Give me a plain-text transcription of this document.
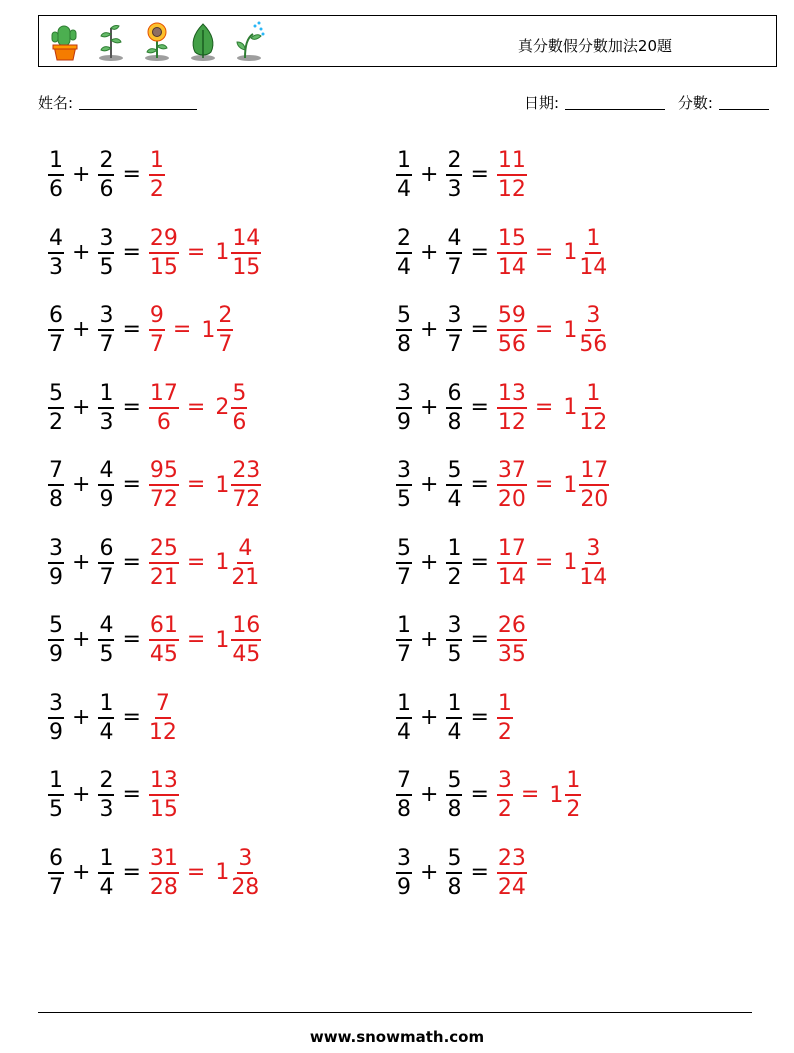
真分數假分數加法20題
姓名:	日期:	分數:
$\frac{1}{6} + \frac{2}{6} = \frac{1}{2}$	$\frac{1}{4} + \frac{2}{3} = \frac{11}{12}$
$\frac{4}{3} + \frac{3}{5} = \frac{29}{15} = 1 \frac{14}{15}$	$\frac{2}{4} + \frac{4}{7} = \frac{15}{14} = 1 \frac{1}{14}$
$\frac{6}{7} + \frac{3}{7} = \frac{9}{7} = 1 \frac{2}{7}$	$\frac{5}{8} + \frac{3}{7} = \frac{59}{56} = 1 \frac{3}{56}$
$\frac{5}{2} + \frac{1}{3} = \frac{17}{6} = 2 \frac{5}{6}$	$\frac{3}{9} + \frac{6}{8} = \frac{13}{12} = 1 \frac{1}{12}$
$\frac{7}{8} + \frac{4}{9} = \frac{95}{72} = 1 \frac{23}{72}$	$\frac{3}{5} + \frac{5}{4} = \frac{37}{20} = 1 \frac{17}{20}$
$\frac{3}{9} + \frac{6}{7} = \frac{25}{21} = 1 \frac{4}{21}$	$\frac{5}{7} + \frac{1}{2} = \frac{17}{14} = 1 \frac{3}{14}$
$\frac{5}{9} + \frac{4}{5} = \frac{61}{45} = 1 \frac{16}{45}$	$\frac{1}{7} + \frac{3}{5} = \frac{26}{35}$
$\frac{3}{9} + \frac{1}{4} = \frac{7}{12}$	$\frac{1}{4} + \frac{1}{4} = \frac{1}{2}$
$\frac{1}{5} + \frac{2}{3} = \frac{13}{15}$	$\frac{7}{8} + \frac{5}{8} = \frac{3}{2} = 1 \frac{1}{2}$
$\frac{6}{7} + \frac{1}{4} = \frac{31}{28} = 1 \frac{3}{28}$	$\frac{3}{9} + \frac{5}{8} = \frac{23}{24}$
www.snowmath.com
